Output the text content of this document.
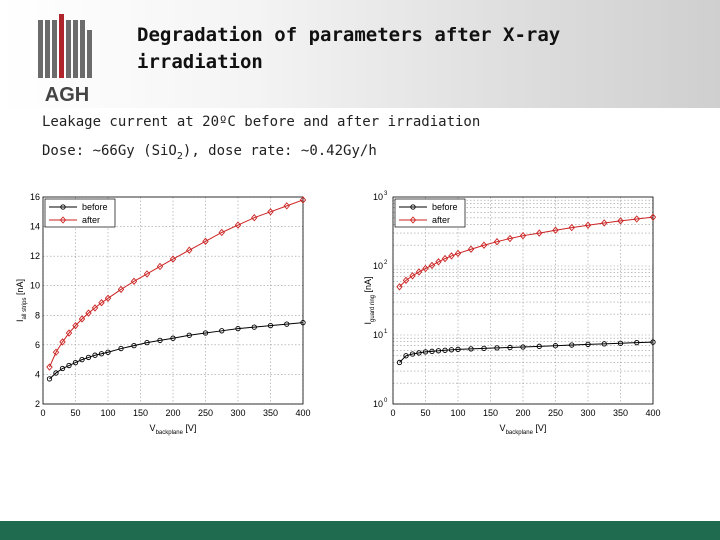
AGH
Degradation of parameters after X-ray irradiation
Leakage current at 20ºC before and after irradiation
Dose: ~66Gy (SiO$_2$), dose rate: ~0.42Gy/h
0	50 100 150 200 250 300 350 400
2
4
6
8
10
12
14
16
$V_{backplane}$ [V]
$I_{all strips}$ [nA]
before
after
0	50 100 150 200 250 300 350 400
10 0
10 1
10 2
10 3
$V_{backplane}$ [V]
$I_{guard ring}$ [nA]
before
after
